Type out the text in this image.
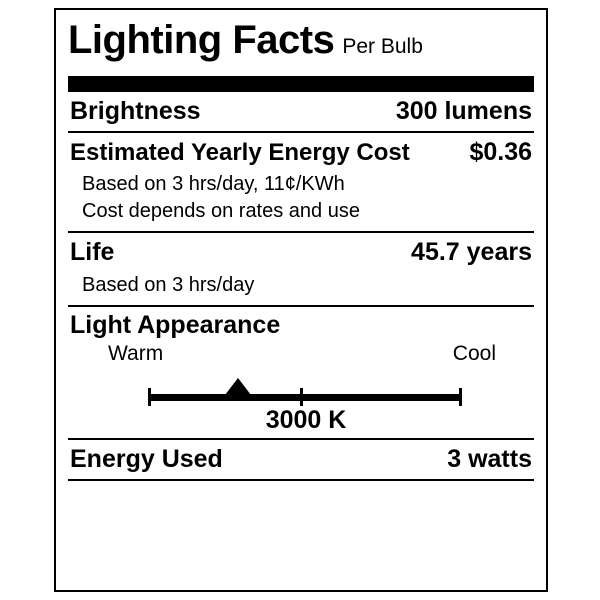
Lighting Facts Per Bulb
Brightness	300 lumens
Estimated Yearly Energy Cost $0.36
Based on 3 hrs/day, 11¢/KWh
Cost depends on rates and use
Life	45.7 years
Based on 3 hrs/day
Light Appearance
Warm	Cool
3000 K
Energy Used	3 watts
